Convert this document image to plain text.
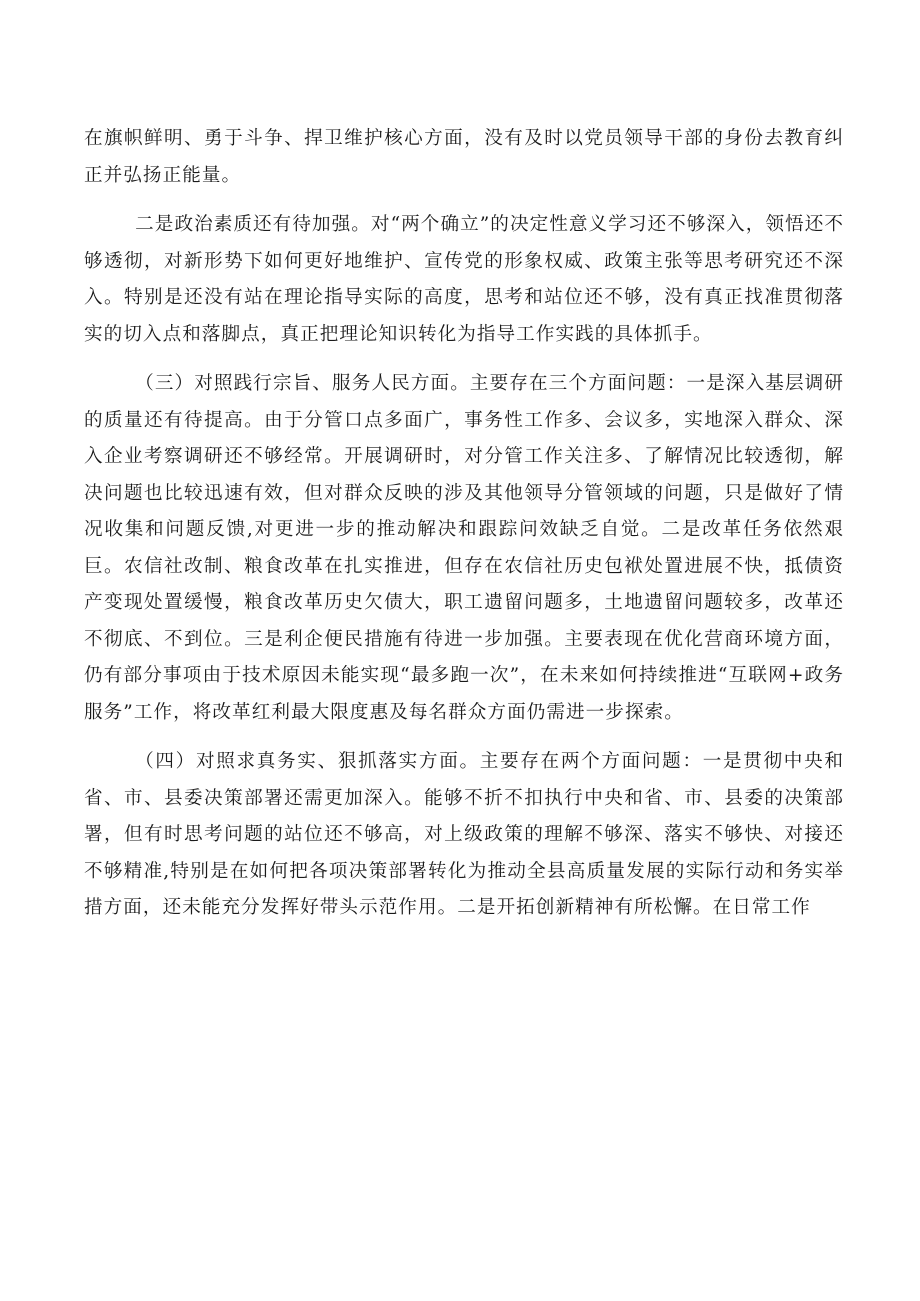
在旗帜鲜明、勇于斗争、捍卫维护核心方面，没有及时以党员领导干部的身份去教育纠正并弘扬正能量。

二是政治素质还有待加强。对“两个确立”的决定性意义学习还不够深入，领悟还不够透彻，对新形势下如何更好地维护、宣传党的形象权威、政策主张等思考研究还不深入。特别是还没有站在理论指导实际的高度，思考和站位还不够，没有真正找准贯彻落实的切入点和落脚点，真正把理论知识转化为指导工作实践的具体抓手。

（三）对照践行宗旨、服务人民方面。主要存在三个方面问题：一是深入基层调研的质量还有待提高。由于分管口点多面广，事务性工作多、会议多，实地深入群众、深入企业考察调研还不够经常。开展调研时，对分管工作关注多、了解情况比较透彻，解决问题也比较迅速有效，但对群众反映的涉及其他领导分管领域的问题，只是做好了情况收集和问题反馈,对更进一步的推动解决和跟踪问效缺乏自觉。二是改革任务依然艰巨。农信社改制、粮食改革在扎实推进，但存在农信社历史包袱处置进展不快，抵债资产变现处置缓慢，粮食改革历史欠债大，职工遗留问题多，土地遗留问题较多，改革还不彻底、不到位。三是利企便民措施有待进一步加强。主要表现在优化营商环境方面，仍有部分事项由于技术原因未能实现“最多跑一次”，在未来如何持续推进“互联网+政务服务”工作，将改革红利最大限度惠及每名群众方面仍需进一步探索。

（四）对照求真务实、狠抓落实方面。主要存在两个方面问题：一是贯彻中央和省、市、县委决策部署还需更加深入。能够不折不扣执行中央和省、市、县委的决策部署，但有时思考问题的站位还不够高，对上级政策的理解不够深、落实不够快、对接还不够精准,特别是在如何把各项决策部署转化为推动全县高质量发展的实际行动和务实举措方面，还未能充分发挥好带头示范作用。二是开拓创新精神有所松懈。在日常工作
